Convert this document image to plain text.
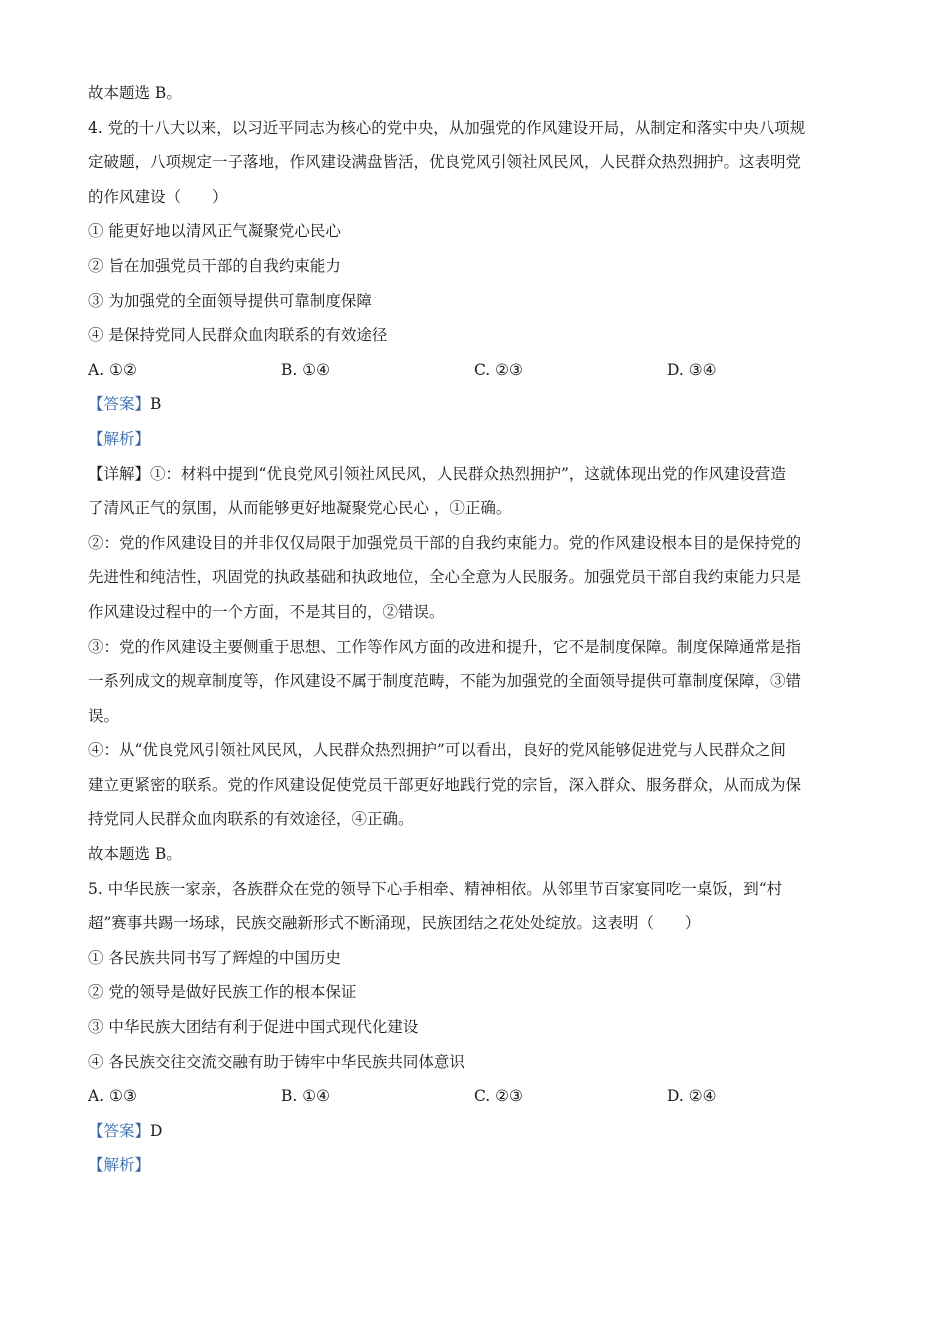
故本题选 B。
4. 党的十八大以来，以习近平同志为核心的党中央，从加强党的作风建设开局，从制定和落实中央八项规
定破题，八项规定一子落地，作风建设满盘皆活，优良党风引领社风民风，人民群众热烈拥护。这表明党
的作风建设（　　）
① 能更好地以清风正气凝聚党心民心
② 旨在加强党员干部的自我约束能力
③ 为加强党的全面领导提供可靠制度保障
④ 是保持党同人民群众血肉联系的有效途径
A. ①②	B. ①④	C. ②③	D. ③④
【答案】B
【解析】
【详解】①：材料中提到“优良党风引领社风民风，人民群众热烈拥护”，这就体现出党的作风建设营造
了清风正气的氛围，从而能够更好地凝聚党心民心 ，①正确。
②：党的作风建设目的并非仅仅局限于加强党员干部的自我约束能力。党的作风建设根本目的是保持党的
先进性和纯洁性，巩固党的执政基础和执政地位，全心全意为人民服务。加强党员干部自我约束能力只是
作风建设过程中的一个方面，不是其目的，②错误。
③：党的作风建设主要侧重于思想、工作等作风方面的改进和提升，它不是制度保障。制度保障通常是指
一系列成文的规章制度等，作风建设不属于制度范畴，不能为加强党的全面领导提供可靠制度保障，③错
误。
④：从“优良党风引领社风民风，人民群众热烈拥护”可以看出，良好的党风能够促进党与人民群众之间
建立更紧密的联系。党的作风建设促使党员干部更好地践行党的宗旨，深入群众、服务群众，从而成为保
持党同人民群众血肉联系的有效途径，④正确。
故本题选 B。
5. 中华民族一家亲，各族群众在党的领导下心手相牵、精神相依。从邻里节百家宴同吃一桌饭，到“村
超”赛事共踢一场球，民族交融新形式不断涌现，民族团结之花处处绽放。这表明（　　）
① 各民族共同书写了辉煌的中国历史
② 党的领导是做好民族工作的根本保证
③ 中华民族大团结有利于促进中国式现代化建设
④ 各民族交往交流交融有助于铸牢中华民族共同体意识
A. ①③	B. ①④	C. ②③	D. ②④
【答案】D
【解析】
